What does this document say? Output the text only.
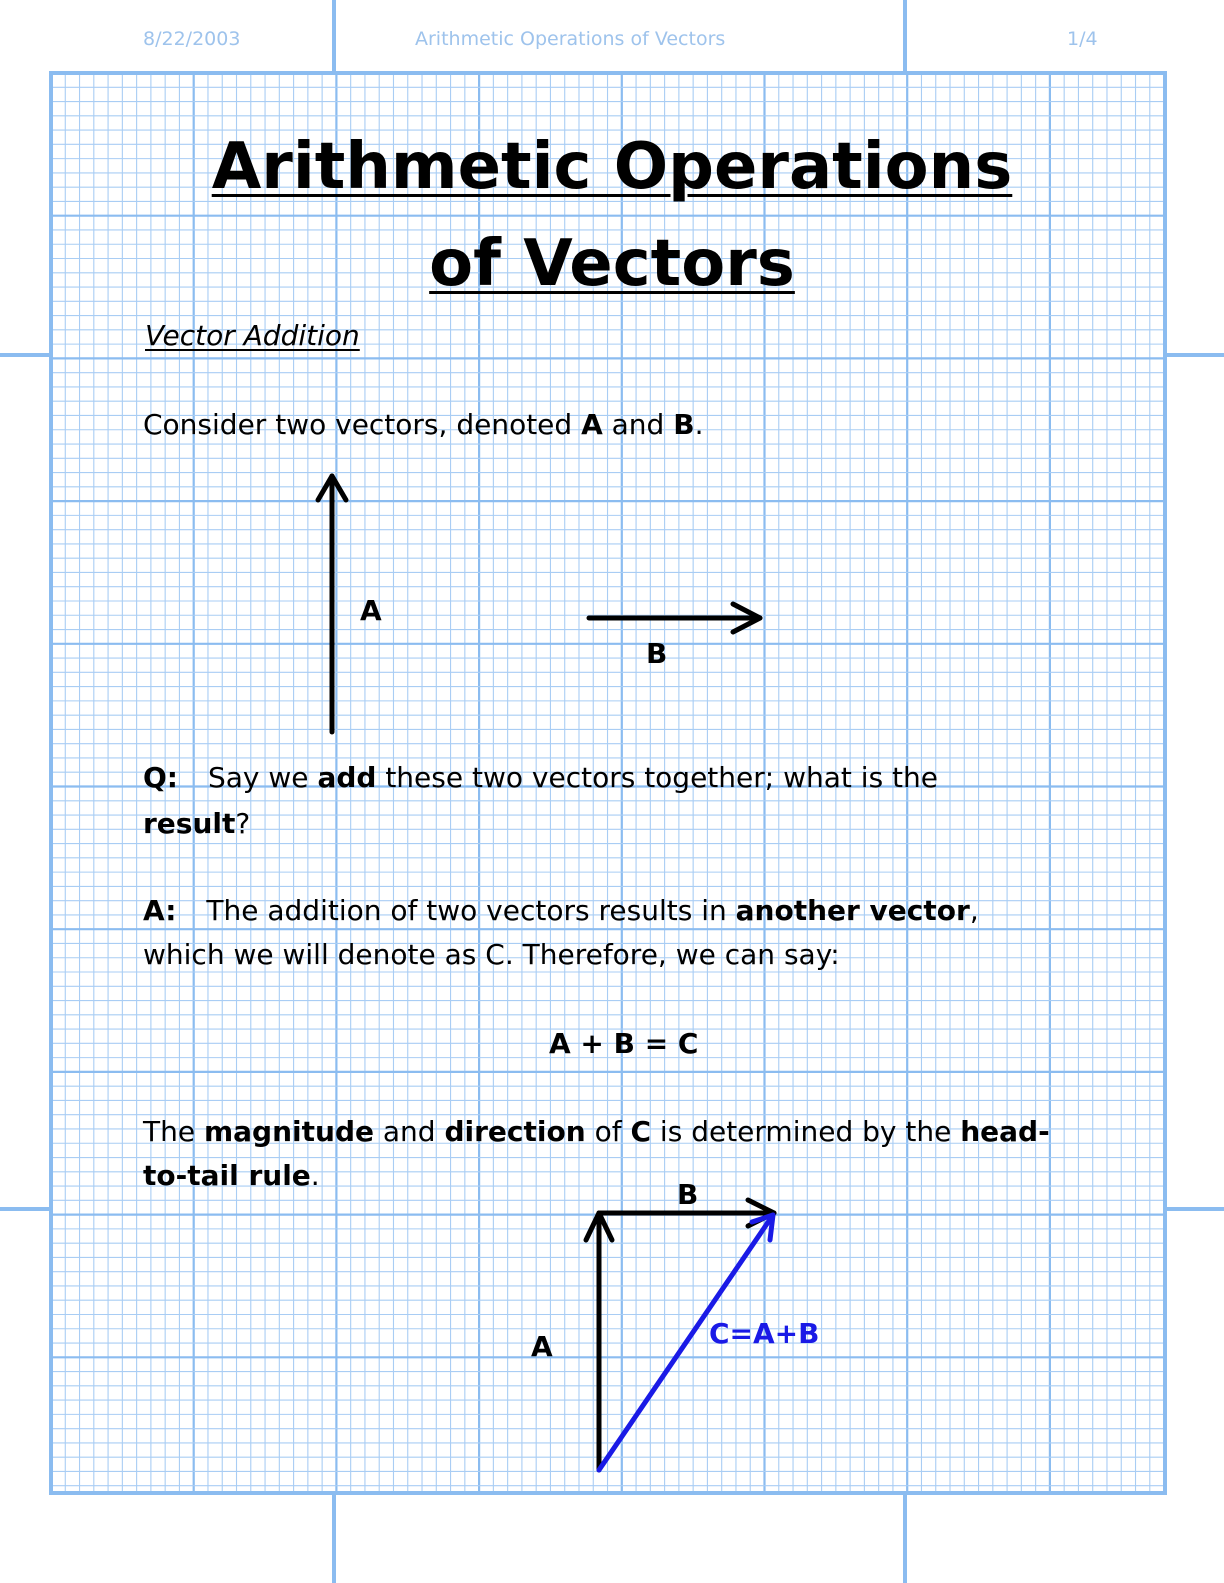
8/22/2003	Arithmetic Operations of Vectors	1/4
Arithmetic Operations
of Vectors
Vector Addition
Consider two vectors, denoted A and B.
A
B
Q: Say we add these two vectors together; what is the
result?
A: The addition of two vectors results in another vector,
which we will denote as C. Therefore, we can say:
A + B = C
The magnitude and direction of C is determined by the head-
to-tail rule.
B
A	C=A+B
